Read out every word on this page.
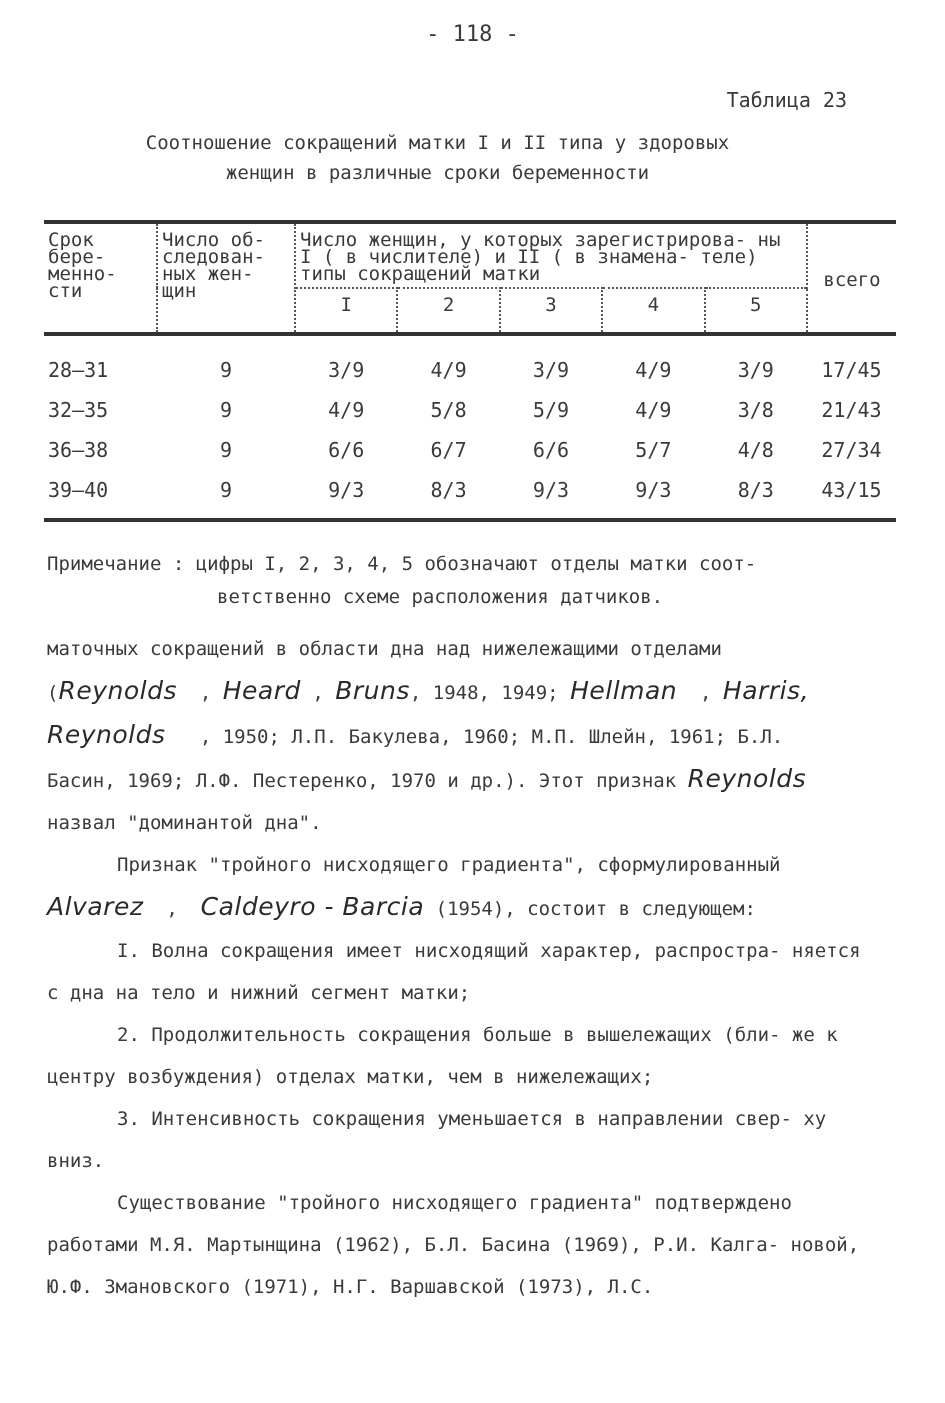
- 118 -
Таблица 23
Соотношение сокращений матки I и II типа у здоровых
женщин в различные сроки беременности
Срок бере- менно- сти	Число об- следован- ных жен- щин	Число женщин, у которых зарегистрирова- ны I ( в числителе) и II ( в знамена- теле) типы сокращений матки					всего
		I	2	3	4	5	
28–31	9	3/9	4/9	3/9	4/9	3/9	17/45
32–35	9	4/9	5/8	5/9	4/9	3/8	21/43
36–38	9	6/6	6/7	6/6	5/7	4/8	27/34
39–40	9	9/3	8/3	9/3	9/3	8/3	43/15
Примечание : цифры I, 2, 3, 4, 5 обозначают отделы матки соот-
ветственно схеме расположения датчиков.

маточных сокращений в области дна над нижележащими отделами
(Reynolds  , Heard , Bruns, 1948, 1949; Hellman  , Harris,
Reynolds , 1950; Л.П. Бакулева, 1960; М.П. Шлейн, 1961; Б.Л.
Басин, 1969; Л.Ф. Пестеренко, 1970 и др.). Этот признак Reynolds
назвал "доминантой дна".

Признак "тройного нисходящего градиента", сформулированный

Alvarez  ,  Caldeyro - Barcia (1954), состоит в следующем:

I. Волна сокращения имеет нисходящий характер, распростра- няется с дна на тело и нижний сегмент матки;

2. Продолжительность сокращения больше в вышележащих (бли- же к центру возбуждения) отделах матки, чем в нижележащих;

3. Интенсивность сокращения уменьшается в направлении свер- ху вниз.

Существование "тройного нисходящего градиента" подтверждено работами М.Я. Мартынщина (1962), Б.Л. Басина (1969), Р.И. Калга- новой, Ю.Ф. Змановского (1971), Н.Г. Варшавской (1973), Л.С.
